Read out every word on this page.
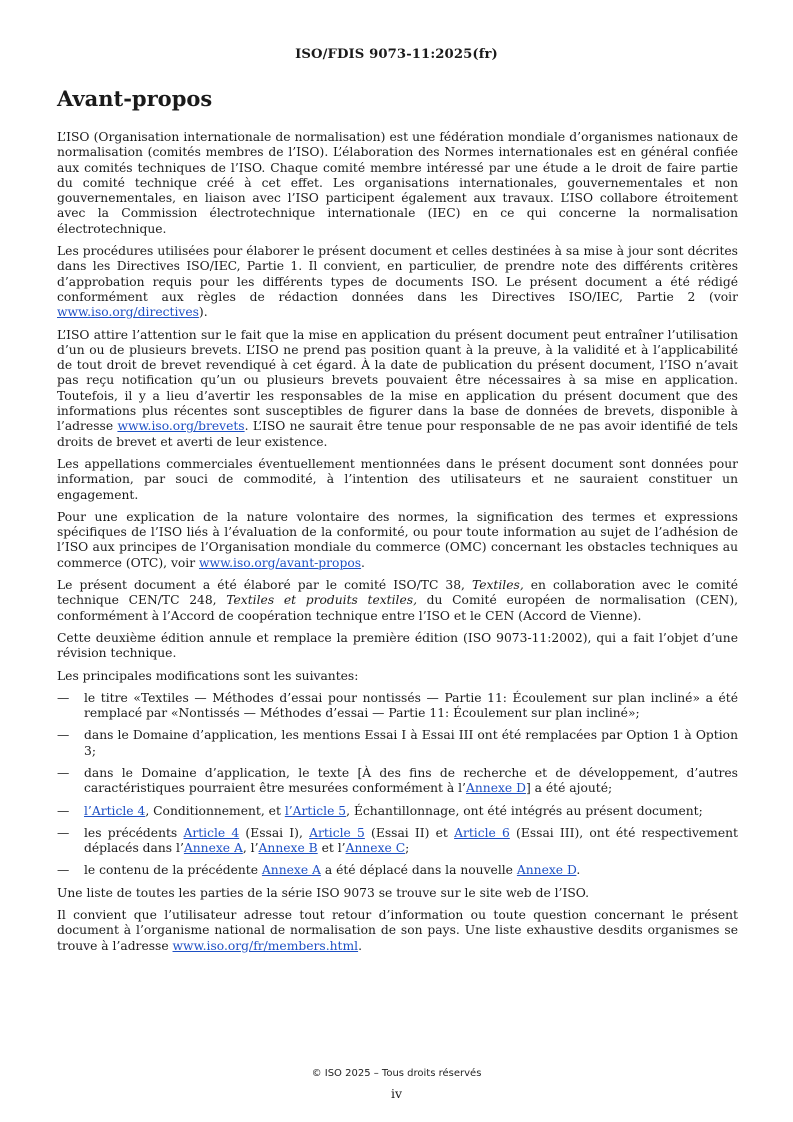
ISO/FDIS 9073-11:2025(fr)
Avant-propos

L’ISO (Organisation internationale de normalisation) est une fédération mondiale d’organismes nationaux de normalisation (comités membres de l’ISO). L’élaboration des Normes internationales est en général confiée aux comités techniques de l’ISO. Chaque comité membre intéressé par une étude a le droit de faire partie du comité technique créé à cet effet. Les organisations internationales, gouvernementales et non gouvernementales, en liaison avec l’ISO participent également aux travaux. L’ISO collabore étroitement avec la Commission électrotechnique internationale (IEC) en ce qui concerne la normalisation électrotechnique.

Les procédures utilisées pour élaborer le présent document et celles destinées à sa mise à jour sont décrites dans les Directives ISO/IEC, Partie 1. Il convient, en particulier, de prendre note des différents critères d’approbation requis pour les différents types de documents ISO. Le présent document a été rédigé conformément aux règles de rédaction données dans les Directives ISO/IEC, Partie 2 (voir www.iso.org/directives).

L’ISO attire l’attention sur le fait que la mise en application du présent document peut entraîner l’utilisation d’un ou de plusieurs brevets. L’ISO ne prend pas position quant à la preuve, à la validité et à l’applicabilité de tout droit de brevet revendiqué à cet égard. À la date de publication du présent document, l’ISO n’avait pas reçu notification qu’un ou plusieurs brevets pouvaient être nécessaires à sa mise en application. Toutefois, il y a lieu d’avertir les responsables de la mise en application du présent document que des informations plus récentes sont susceptibles de figurer dans la base de données de brevets, disponible à l’adresse www.iso.org/brevets. L’ISO ne saurait être tenue pour responsable de ne pas avoir identifié de tels droits de brevet et averti de leur existence.

Les appellations commerciales éventuellement mentionnées dans le présent document sont données pour information, par souci de commodité, à l’intention des utilisateurs et ne sauraient constituer un engagement.

Pour une explication de la nature volontaire des normes, la signification des termes et expressions spécifiques de l’ISO liés à l’évaluation de la conformité, ou pour toute information au sujet de l’adhésion de l’ISO aux principes de l’Organisation mondiale du commerce (OMC) concernant les obstacles techniques au commerce (OTC), voir www.iso.org/avant-propos.

Le présent document a été élaboré par le comité ISO/TC 38, Textiles, en collaboration avec le comité technique CEN/TC 248, Textiles et produits textiles, du Comité européen de normalisation (CEN), conformément à l’Accord de coopération technique entre l’ISO et le CEN (Accord de Vienne).

Cette deuxième édition annule et remplace la première édition (ISO 9073-11:2002), qui a fait l’objet d’une révision technique.

Les principales modifications sont les suivantes:

—	le titre «Textiles — Méthodes d’essai pour nontissés — Partie 11: Écoulement sur plan incliné» a été remplacé par «Nontissés — Méthodes d’essai — Partie 11: Écoulement sur plan incliné»;
—	dans le Domaine d’application, les mentions Essai I à Essai III ont été remplacées par Option 1 à Option 3;
—	dans le Domaine d’application, le texte [À des fins de recherche et de développement, d’autres caractéristiques pourraient être mesurées conformément à l’Annexe D] a été ajouté;
—	l’Article 4, Conditionnement, et l’Article 5, Échantillonnage, ont été intégrés au présent document;
—	les précédents Article 4 (Essai I), Article 5 (Essai II) et Article 6 (Essai III), ont été respectivement déplacés dans l’Annexe A, l’Annexe B et l’Annexe C;
—	le contenu de la précédente Annexe A a été déplacé dans la nouvelle Annexe D.

Une liste de toutes les parties de la série ISO 9073 se trouve sur le site web de l’ISO.

Il convient que l’utilisateur adresse tout retour d’information ou toute question concernant le présent document à l’organisme national de normalisation de son pays. Une liste exhaustive desdits organismes se trouve à l’adresse www.iso.org/fr/members.html.

© ISO 2025 – Tous droits réservés
iv
